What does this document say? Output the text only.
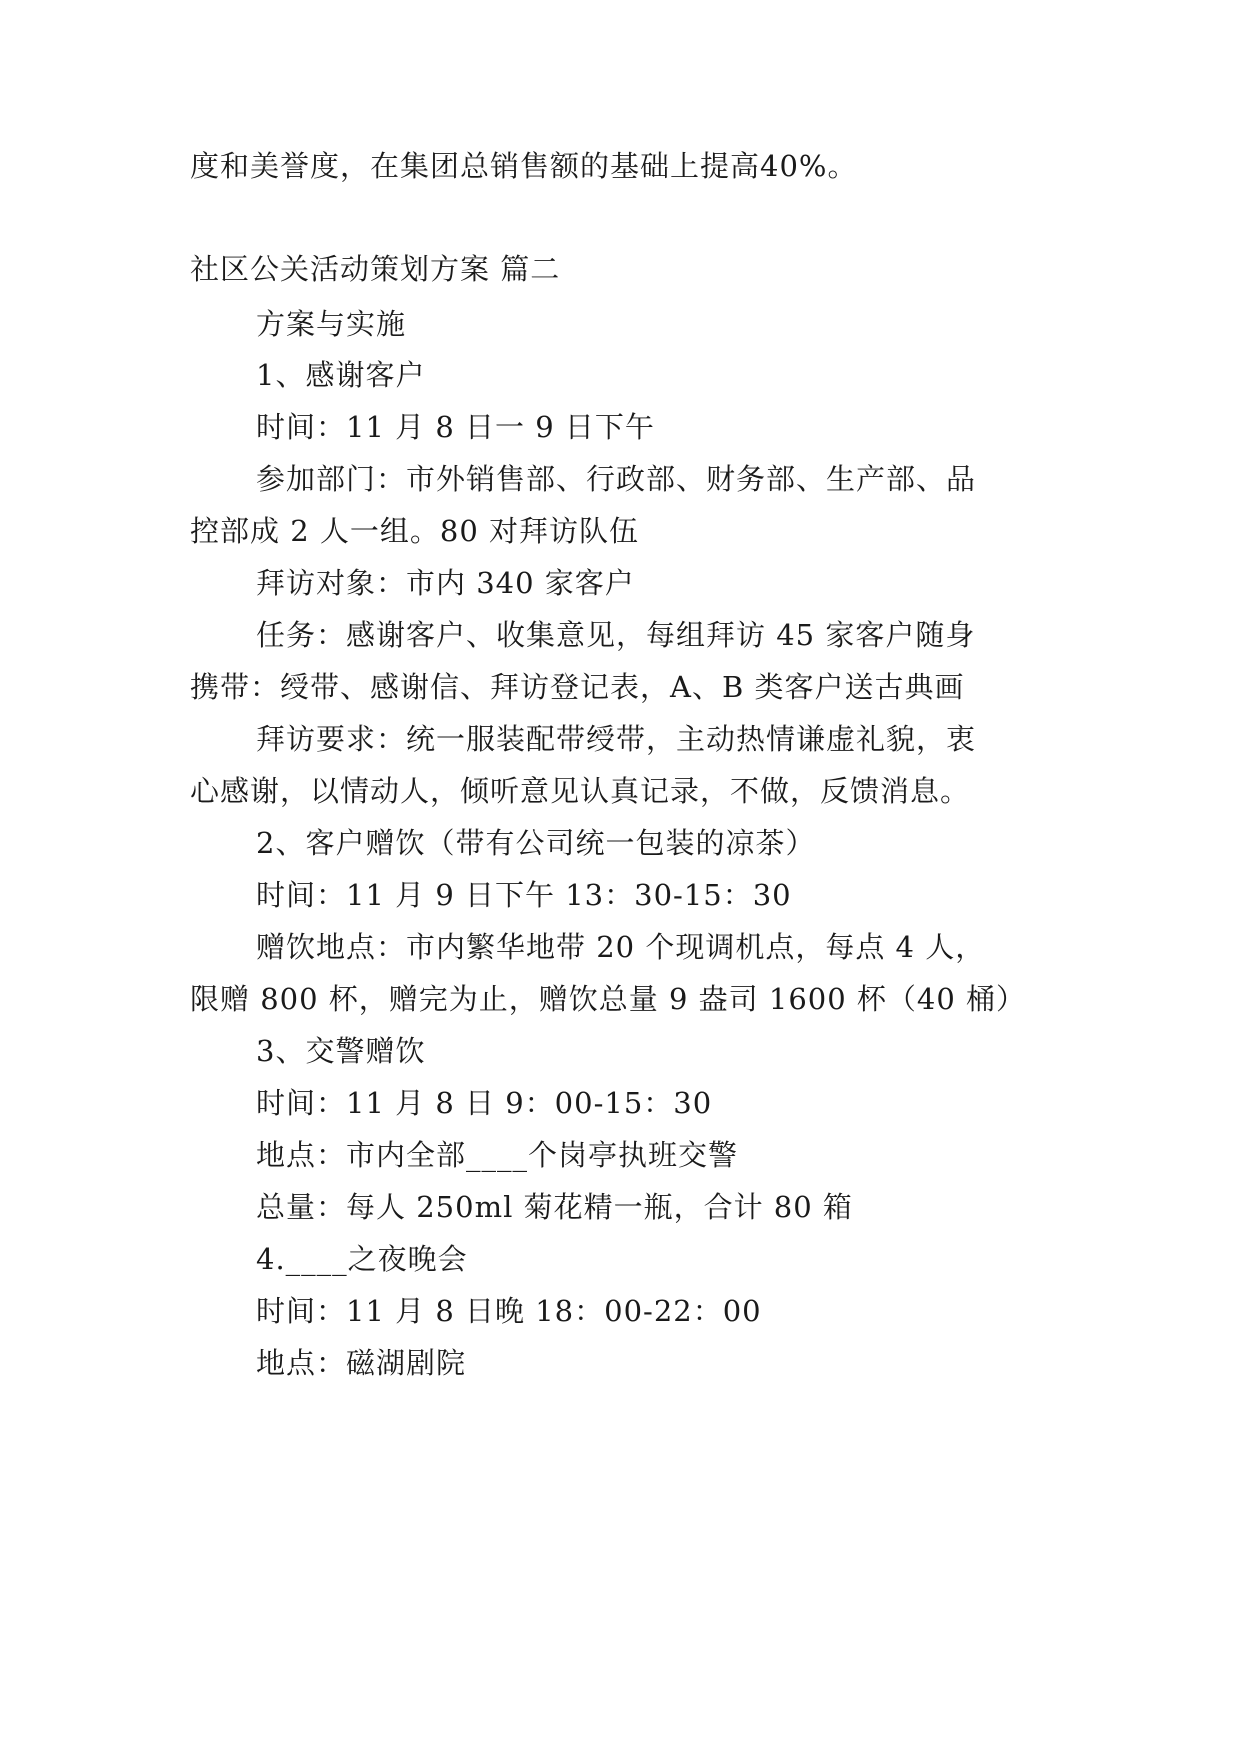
度和美誉度，在集团总销售额的基础上提高40%。
社区公关活动策划方案 篇二
方案与实施
1、感谢客户
时间：11 月 8 日一 9 日下午
参加部门：市外销售部、行政部、财务部、生产部、品
控部成 2 人一组。80 对拜访队伍
拜访对象：市内 340 家客户
任务：感谢客户、收集意见，每组拜访 45 家客户随身
携带：绶带、感谢信、拜访登记表，A、B 类客户送古典画
拜访要求：统一服装配带绶带，主动热情谦虚礼貌，衷
心感谢，以情动人，倾听意见认真记录，不做，反馈消息。
2、客户赠饮（带有公司统一包装的凉茶）
时间：11 月 9 日下午 13：30-15：30
赠饮地点：市内繁华地带 20 个现调机点，每点 4 人，
限赠 800 杯，赠完为止，赠饮总量 9 盎司 1600 杯（40 桶）
3、交警赠饮
时间：11 月 8 日 9：00-15：30
地点：市内全部____个岗亭执班交警
总量：每人 250ml 菊花精一瓶，合计 80 箱
4.____之夜晚会
时间：11 月 8 日晚 18：00-22：00
地点：磁湖剧院
